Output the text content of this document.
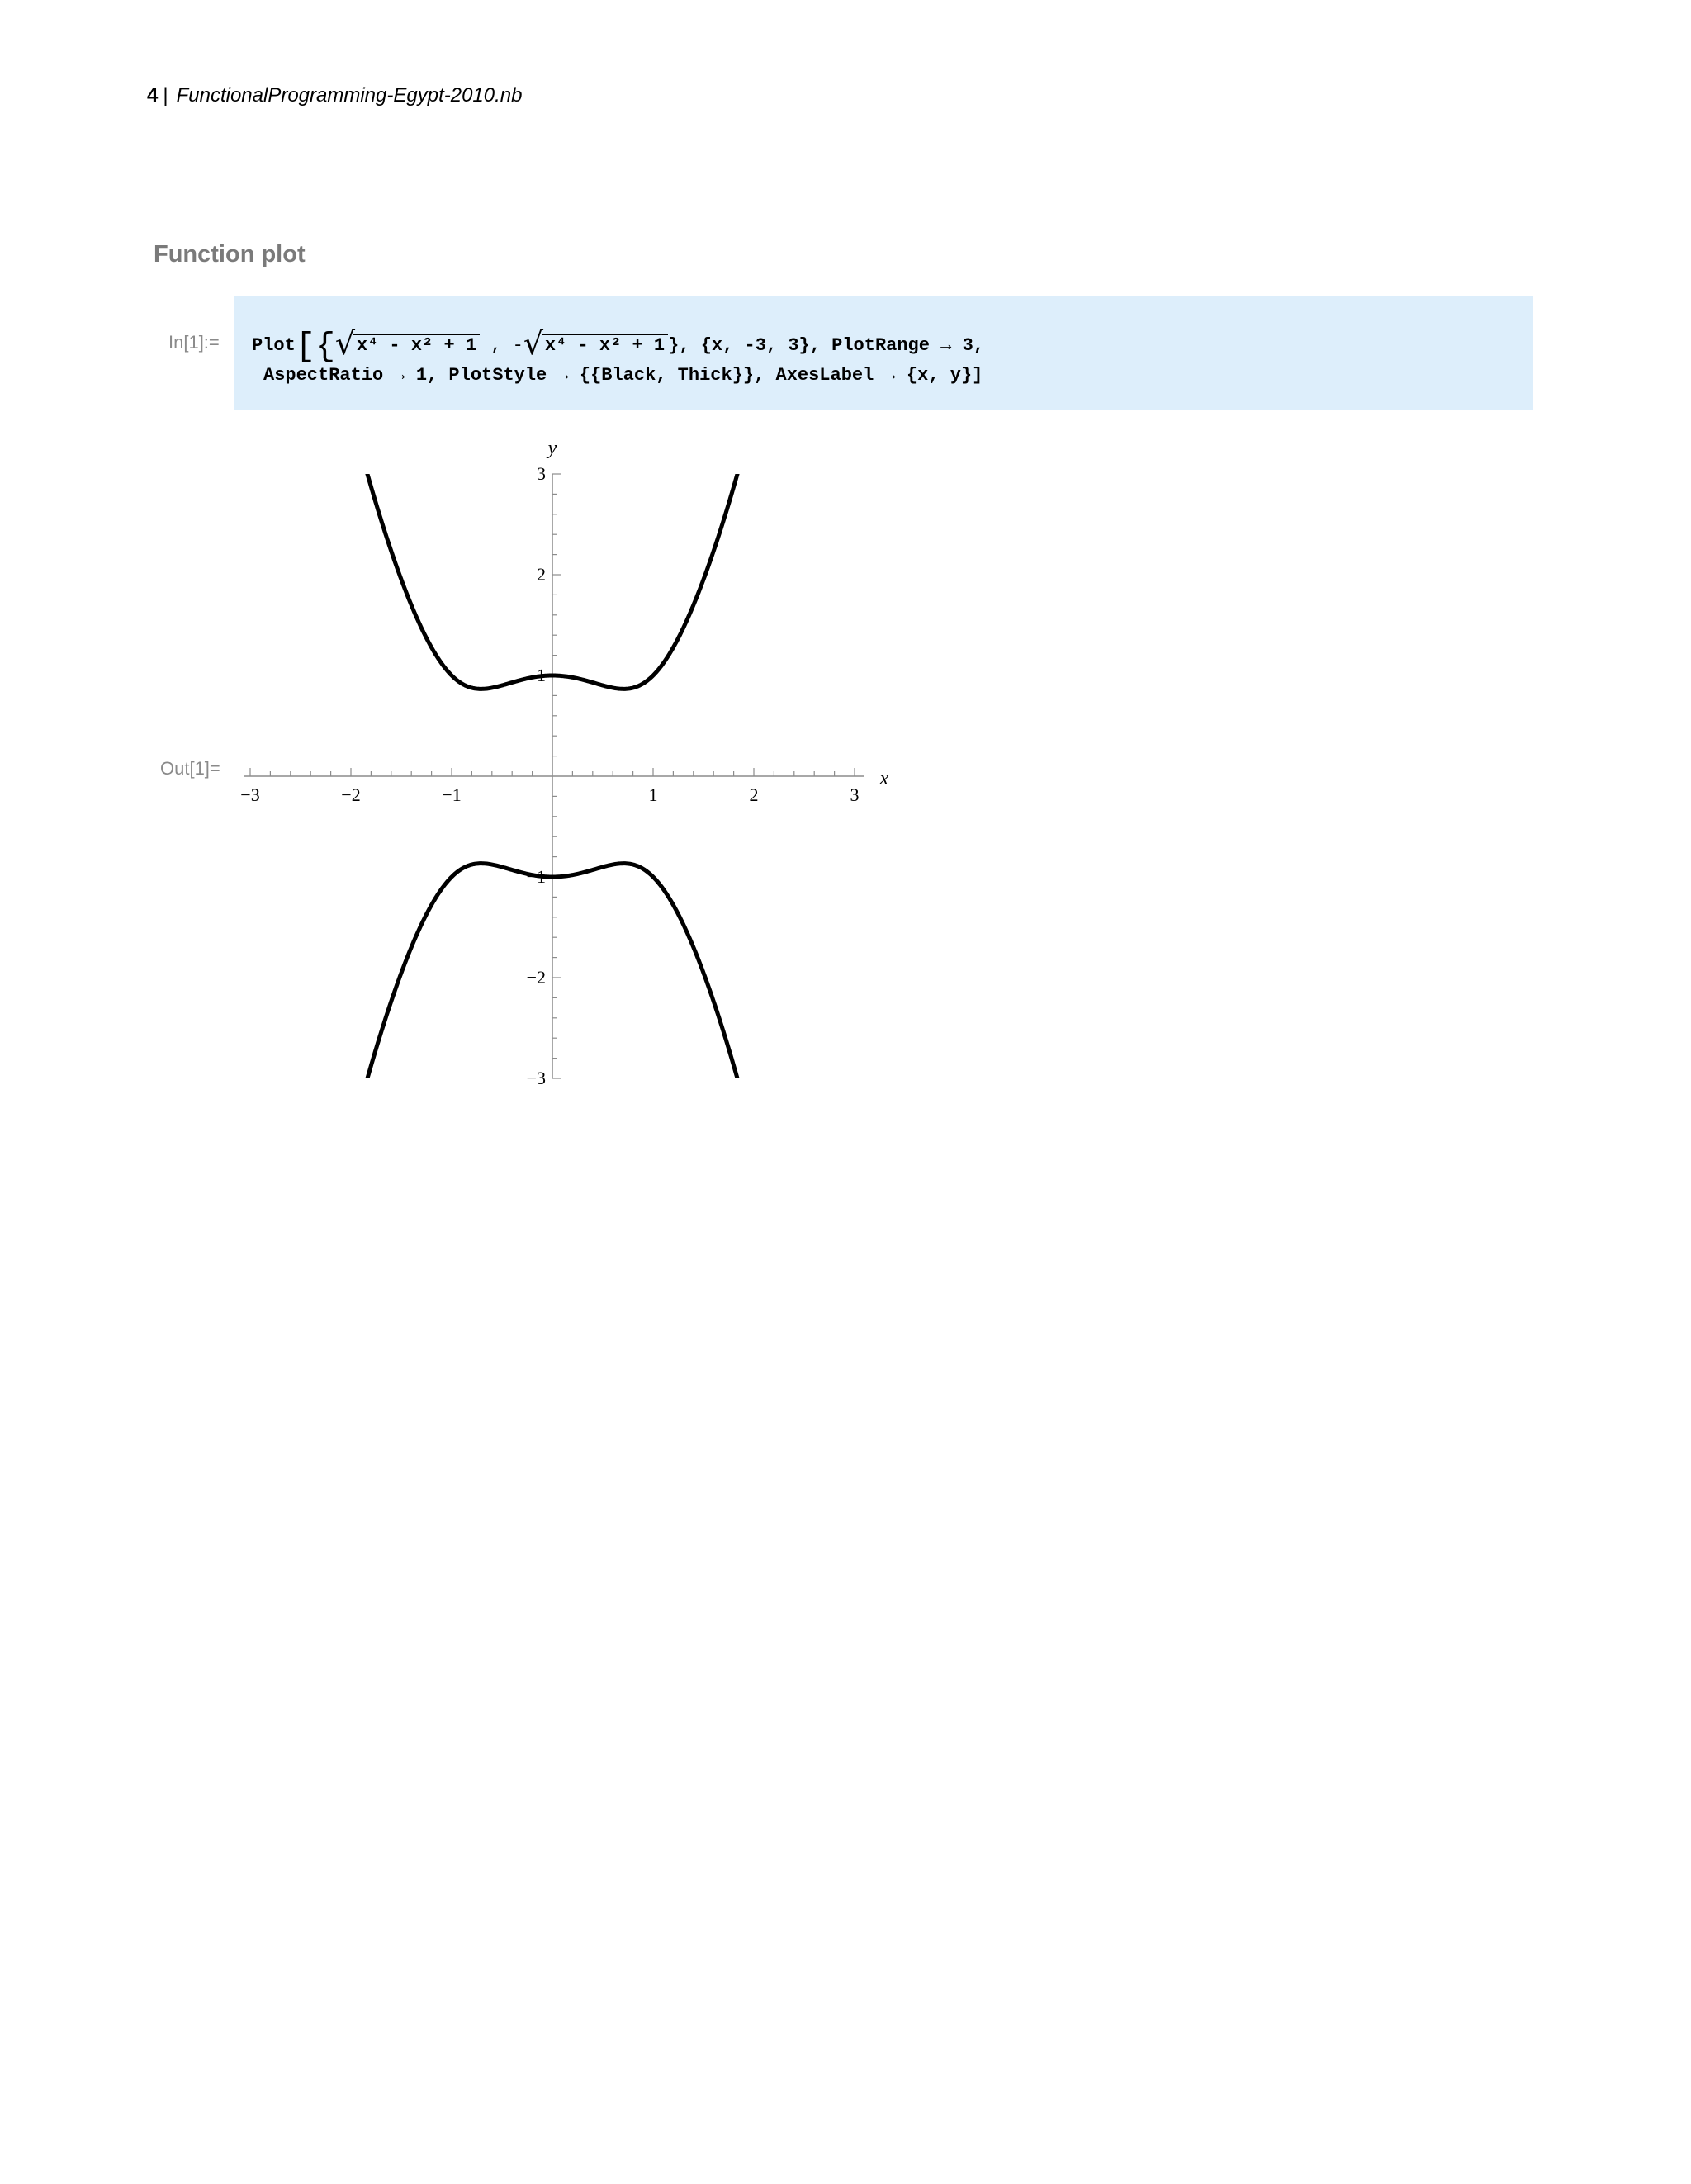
4 | FunctionalProgramming-Egypt-2010.nb
Function plot
In[1]:= Plot[{ √ x⁴ - x² + 1 , - √ x⁴ - x² + 1 }, {x, -3, 3}, PlotRange → 3,
AspectRatio → 1, PlotStyle → {{Black, Thick}}, AxesLabel → {x, y}]
Out[1]=
−3	−2	−1	1	2	3
3
2
1
−1
−2
−3
x
y
